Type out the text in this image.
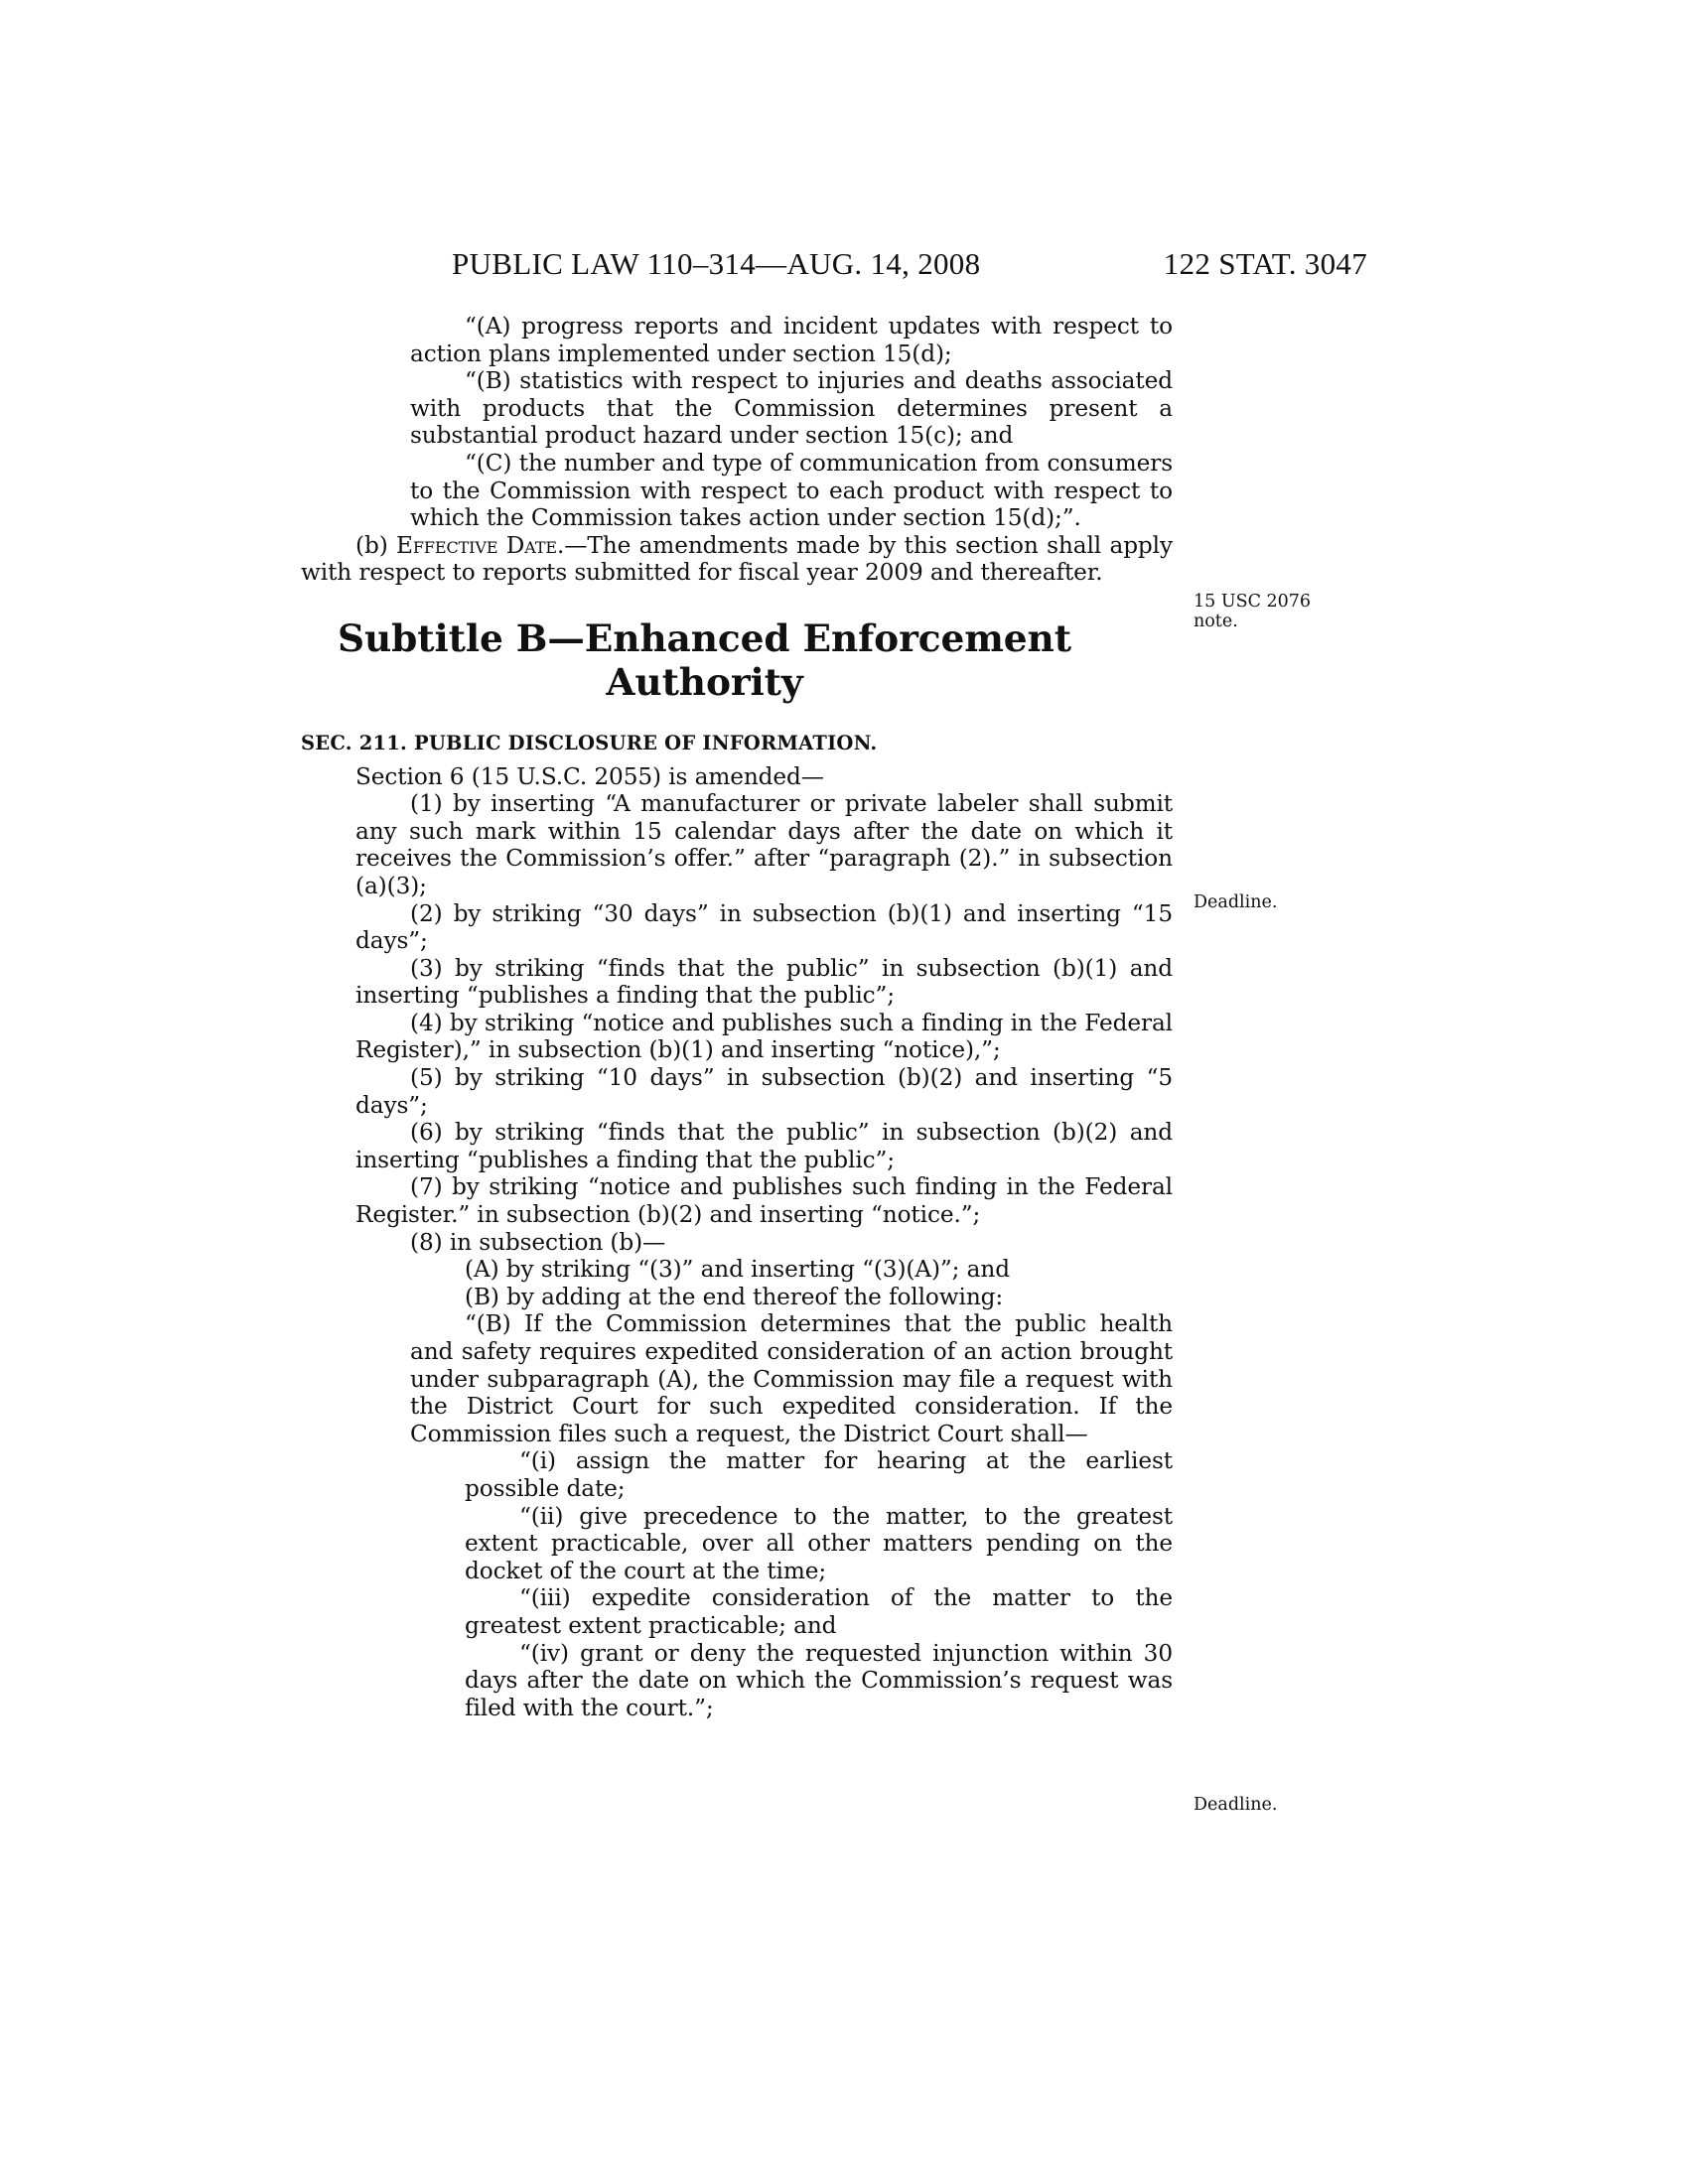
PUBLIC LAW 110–314—AUG. 14, 2008	122 STAT. 3047
15 USC 2076
note.
Deadline.
Deadline.

“(A) progress reports and incident updates with respect to action plans implemented under section 15(d);

“(B) statistics with respect to injuries and deaths associated with products that the Commission determines present a substantial product hazard under section 15(c); and

“(C) the number and type of communication from consumers to the Commission with respect to each product with respect to which the Commission takes action under section 15(d);”.

(b) Effective Date.—The amendments made by this section shall apply with respect to reports submitted for fiscal year 2009 and thereafter.

Subtitle B—Enhanced Enforcement
Authority
SEC. 211. PUBLIC DISCLOSURE OF INFORMATION.

Section 6 (15 U.S.C. 2055) is amended—

(1) by inserting “A manufacturer or private labeler shall submit any such mark within 15 calendar days after the date on which it receives the Commission’s offer.” after “paragraph (2).” in subsection (a)(3);

(2) by striking “30 days” in subsection (b)(1) and inserting “15 days”;

(3) by striking “finds that the public” in subsection (b)(1) and inserting “publishes a finding that the public”;

(4) by striking “notice and publishes such a finding in the Federal Register),” in subsection (b)(1) and inserting “notice),”;

(5) by striking “10 days” in subsection (b)(2) and inserting “5 days”;

(6) by striking “finds that the public” in subsection (b)(2) and inserting “publishes a finding that the public”;

(7) by striking “notice and publishes such finding in the Federal Register.” in subsection (b)(2) and inserting “notice.”;

(8) in subsection (b)—

(A) by striking “(3)” and inserting “(3)(A)”; and

(B) by adding at the end thereof the following:

“(B) If the Commission determines that the public health and safety requires expedited consideration of an action brought under subparagraph (A), the Commission may file a request with the District Court for such expedited consideration. If the Commission files such a request, the District Court shall—

“(i) assign the matter for hearing at the earliest possible date;

“(ii) give precedence to the matter, to the greatest extent practicable, over all other matters pending on the docket of the court at the time;

“(iii) expedite consideration of the matter to the greatest extent practicable; and

“(iv) grant or deny the requested injunction within 30 days after the date on which the Commission’s request was filed with the court.”;
